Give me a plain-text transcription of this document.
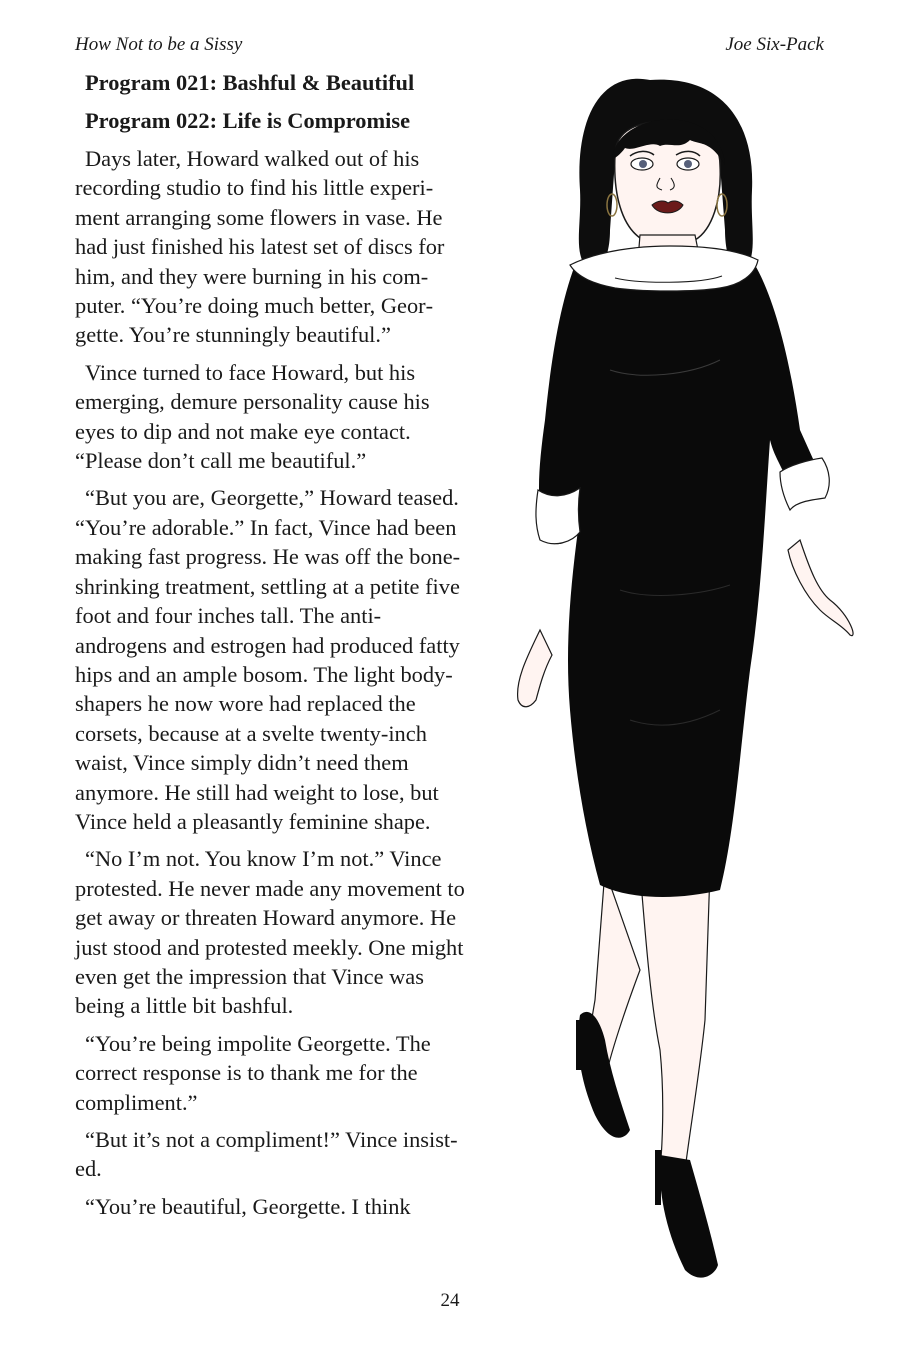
How Not to be a Sissy	Joe Six-Pack
Program 021: Bashful & Beautiful
Program 022: Life is Compromise

Days later, Howard walked out of his recording studio to find his little experiment arranging some flowers in vase. He had just finished his latest set of discs for him, and they were burning in his computer. “You’re doing much better, Georgette. You’re stunningly beautiful.”

Vince turned to face Howard, but his emerging, demure personality cause his eyes to dip and not make eye contact. “Please don’t call me beautiful.”

“But you are, Georgette,” Howard teased. “You’re adorable.” In fact, Vince had been making fast progress. He was off the bone-shrinking treatment, settling at a petite five foot and four inches tall. The anti-androgens and estrogen had produced fatty hips and an ample bosom. The light body-shapers he now wore had replaced the corsets, because at a svelte twenty-inch waist, Vince simply didn’t need them anymore. He still had weight to lose, but Vince held a pleasantly feminine shape.

“No I’m not. You know I’m not.” Vince protested. He never made any movement to get away or threaten Howard anymore. He just stood and protested meekly. One might even get the impression that Vince was being a little bit bashful.

“You’re being impolite Georgette. The correct response is to thank me for the compliment.”

“But it’s not a compliment!” Vince insisted.

“You’re beautiful, Georgette. I think

24
